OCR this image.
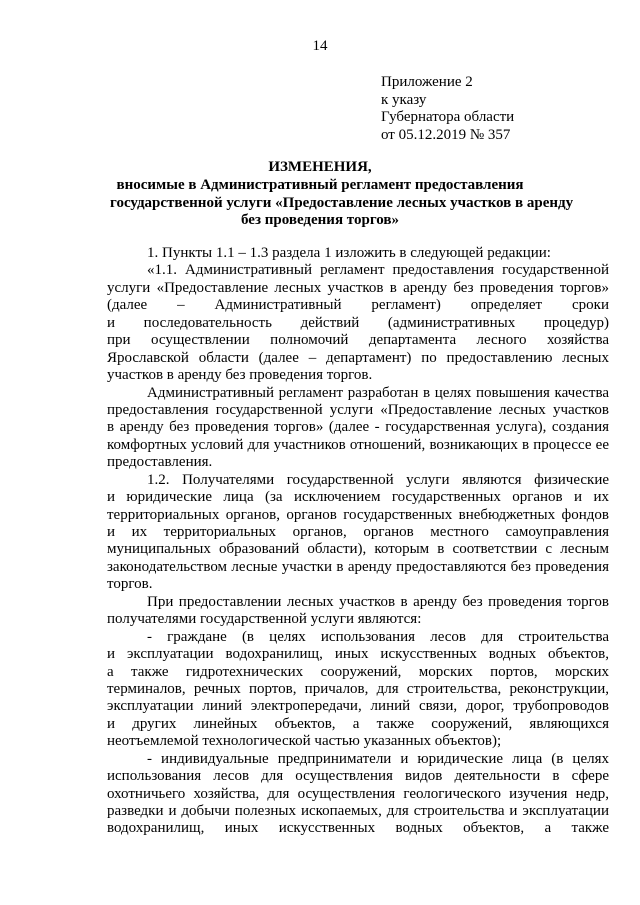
14
Приложение 2
к указу
Губернатора области
от 05.12.2019 № 357
ИЗМЕНЕНИЯ,
вносимые в Административный регламент предоставления
государственной услуги «Предоставление лесных участков в аренду
без проведения торгов»
1. Пункты 1.1 – 1.3 раздела 1 изложить в следующей редакции:
«1.1. Административный регламент предоставления государственной
услуги «Предоставление лесных участков в аренду без проведения торгов»
(далее – Административный регламент) определяет сроки
и последовательность действий (административных процедур)
при осуществлении полномочий департамента лесного хозяйства
Ярославской области (далее – департамент) по предоставлению лесных
участков в аренду без проведения торгов.
Административный регламент разработан в целях повышения качества
предоставления государственной услуги «Предоставление лесных участков
в аренду без проведения торгов» (далее - государственная услуга), создания
комфортных условий для участников отношений, возникающих в процессе ее
предоставления.
1.2. Получателями государственной услуги являются физические
и юридические лица (за исключением государственных органов и их
территориальных органов, органов государственных внебюджетных фондов
и их территориальных органов, органов местного самоуправления
муниципальных образований области), которым в соответствии с лесным
законодательством лесные участки в аренду предоставляются без проведения
торгов.
При предоставлении лесных участков в аренду без проведения торгов
получателями государственной услуги являются:
- граждане (в целях использования лесов для строительства
и эксплуатации водохранилищ, иных искусственных водных объектов,
а также гидротехнических сооружений, морских портов, морских
терминалов, речных портов, причалов, для строительства, реконструкции,
эксплуатации линий электропередачи, линий связи, дорог, трубопроводов
и других линейных объектов, а также сооружений, являющихся
неотъемлемой технологической частью указанных объектов);
- индивидуальные предприниматели и юридические лица (в целях
использования лесов для осуществления видов деятельности в сфере
охотничьего хозяйства, для осуществления геологического изучения недр,
разведки и добычи полезных ископаемых, для строительства и эксплуатации
водохранилищ, иных искусственных водных объектов, а также
